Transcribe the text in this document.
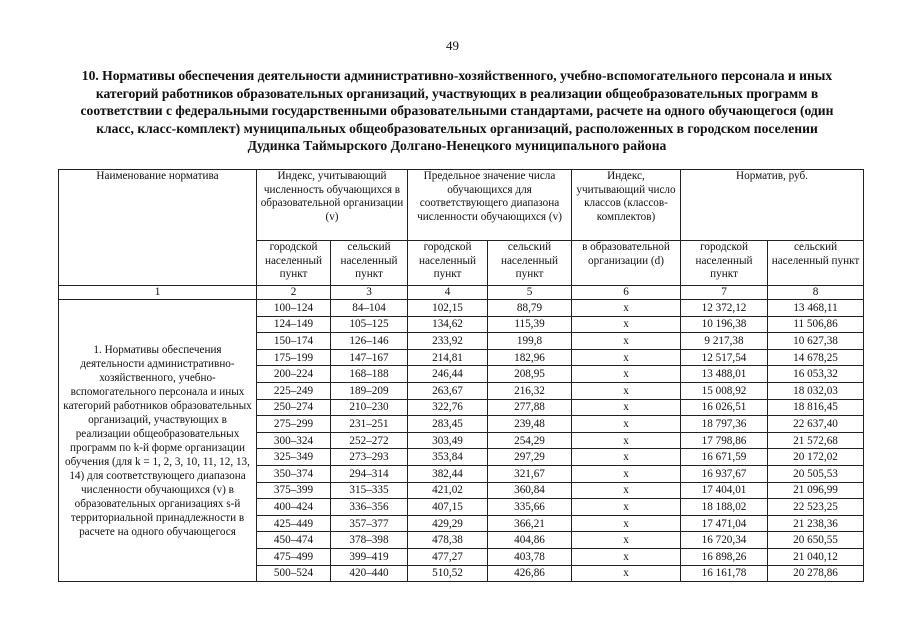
49
10. Нормативы обеспечения деятельности административно-хозяйственного, учебно-вспомогательного персонала и иных категорий работников образовательных организаций, участвующих в реализации общеобразовательных программ в соответствии с федеральными государственными образовательными стандартами, расчете на одного обучающегося (один класс, класс-комплект) муниципальных общеобразовательных организаций, расположенных в городском поселении Дудинка Таймырского Долгано-Ненецкого муниципального района
Наименование норматива	Индекс, учитывающий численность обучающихся в образовательной организации (v)		Предельное значение числа обучающихся для соответствующего диапазона численности обучающихся (v)		Индекс, учитывающий число классов (классов-комплектов)	Норматив, руб.	
	городской населенный пункт	сельский населенный пункт	городской населенный пункт	сельский населенный пункт	в образовательной организации (d)	городской населенный пункт	сельский населенный пункт
1	2	3	4	5	6	7	8
1. Нормативы обеспечения деятельности административно-хозяйственного, учебно-вспомогательного персонала и иных категорий работников образовательных организаций, участвующих в реализации общеобразовательных программ по k-й форме организации обучения (для k = 1, 2, 3, 10, 11, 12, 13, 14) для соответствующего диапазона численности обучающихся (v) в образовательных организациях s-й территориальной принадлежности в расчете на одного обучающегося	100–124	84–104	102,15	88,79	x	12 372,12	13 468,11
	124–149	105–125	134,62	115,39	x	10 196,38	11 506,86
	150–174	126–146	233,92	199,8	x	9 217,38	10 627,38
	175–199	147–167	214,81	182,96	x	12 517,54	14 678,25
	200–224	168–188	246,44	208,95	x	13 488,01	16 053,32
	225–249	189–209	263,67	216,32	x	15 008,92	18 032,03
	250–274	210–230	322,76	277,88	x	16 026,51	18 816,45
	275–299	231–251	283,45	239,48	x	18 797,36	22 637,40
	300–324	252–272	303,49	254,29	x	17 798,86	21 572,68
	325–349	273–293	353,84	297,29	x	16 671,59	20 172,02
	350–374	294–314	382,44	321,67	x	16 937,67	20 505,53
	375–399	315–335	421,02	360,84	x	17 404,01	21 096,99
	400–424	336–356	407,15	335,66	x	18 188,02	22 523,25
	425–449	357–377	429,29	366,21	x	17 471,04	21 238,36
	450–474	378–398	478,38	404,86	x	16 720,34	20 650,55
	475–499	399–419	477,27	403,78	x	16 898,26	21 040,12
	500–524	420–440	510,52	426,86	x	16 161,78	20 278,86
